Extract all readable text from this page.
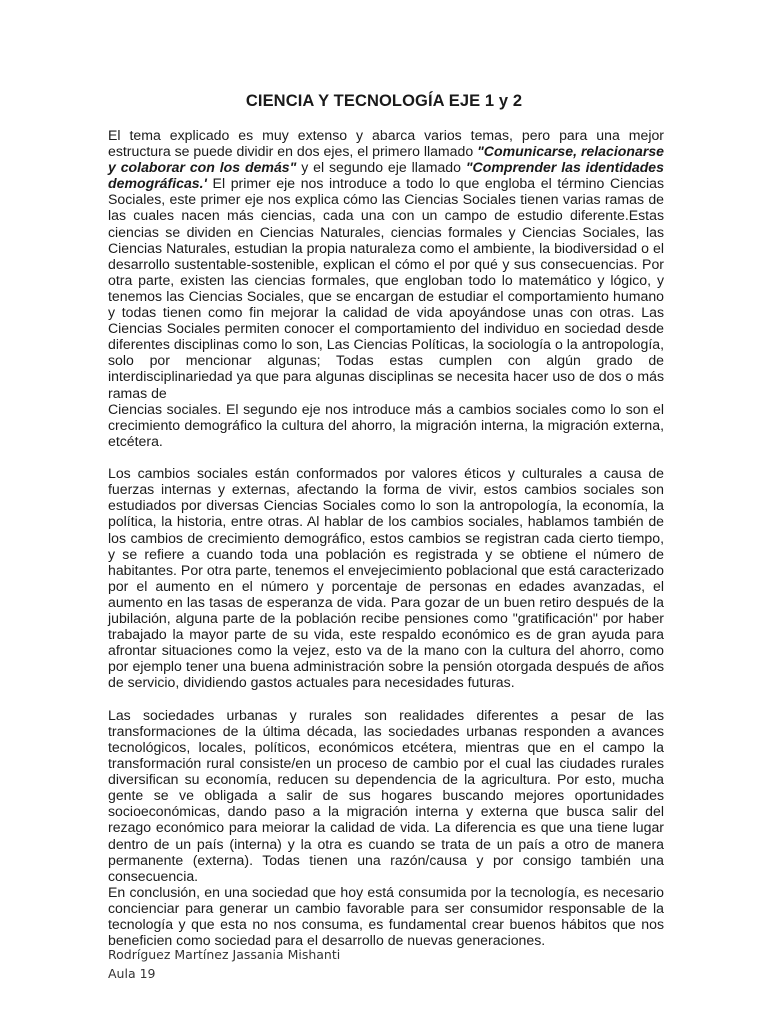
CIENCIA Y TECNOLOGÍA EJE 1 y 2

El tema explicado es muy extenso y abarca varios temas, pero para una mejor estructura se puede dividir en dos ejes, el primero llamado "Comunicarse, relacionarse y colaborar con los demás" y el segundo eje llamado "Comprender las identidades demográficas.' El primer eje nos introduce a todo lo que engloba el término Ciencias Sociales, este primer eje nos explica cómo las Ciencias Sociales tienen varias ramas de las cuales nacen más ciencias, cada una con un campo de estudio diferente.Estas ciencias se dividen en Ciencias Naturales, ciencias formales y Ciencias Sociales, las Ciencias Naturales, estudian la propia naturaleza como el ambiente, la biodiversidad o el desarrollo sustentable-sostenible, explican el cómo el por qué y sus consecuencias. Por otra parte, existen las ciencias formales, que engloban todo lo matemático y lógico, y tenemos las Ciencias Sociales, que se encargan de estudiar el comportamiento humano y todas tienen como fin mejorar la calidad de vida apoyándose unas con otras. Las Ciencias Sociales permiten conocer el comportamiento del individuo en sociedad desde diferentes disciplinas como lo son, Las Ciencias Políticas, la sociología o la antropología, solo por mencionar algunas; Todas estas cumplen con algún grado de interdisciplinariedad ya que para algunas disciplinas se necesita hacer uso de dos o más ramas de

Ciencias sociales. El segundo eje nos introduce más a cambios sociales como lo son el crecimiento demográfico la cultura del ahorro, la migración interna, la migración externa, etcétera.

Los cambios sociales están conformados por valores éticos y culturales a causa de fuerzas internas y externas, afectando la forma de vivir, estos cambios sociales son estudiados por diversas Ciencias Sociales como lo son la antropología, la economía, la política, la historia, entre otras. Al hablar de los cambios sociales, hablamos también de los cambios de crecimiento demográfico, estos cambios se registran cada cierto tiempo, y se refiere a cuando toda una población es registrada y se obtiene el número de habitantes. Por otra parte, tenemos el envejecimiento poblacional que está caracterizado por el aumento en el número y porcentaje de personas en edades avanzadas, el aumento en las tasas de esperanza de vida. Para gozar de un buen retiro después de la jubilación, alguna parte de la población recibe pensiones como "gratificación" por haber trabajado la mayor parte de su vida, este respaldo económico es de gran ayuda para afrontar situaciones como la vejez, esto va de la mano con la cultura del ahorro, como por ejemplo tener una buena administración sobre la pensión otorgada después de años de servicio, dividiendo gastos actuales para necesidades futuras.

Las sociedades urbanas y rurales son realidades diferentes a pesar de las transformaciones de la última década, las sociedades urbanas responden a avances tecnológicos, locales, políticos, económicos etcétera, mientras que en el campo la transformación rural consiste/en un proceso de cambio por el cual las ciudades rurales diversifican su economía, reducen su dependencia de la agricultura. Por esto, mucha gente se ve obligada a salir de sus hogares buscando mejores oportunidades socioeconómicas, dando paso a la migración interna y externa que busca salir del rezago económico para meiorar la calidad de vida. La diferencia es que una tiene lugar dentro de un país (interna) y la otra es cuando se trata de un país a otro de manera permanente (externa). Todas tienen una razón/causa y por consigo también una consecuencia.

En conclusión, en una sociedad que hoy está consumida por la tecnología, es necesario concienciar para generar un cambio favorable para ser consumidor responsable de la tecnología y que esta no nos consuma, es fundamental crear buenos hábitos que nos beneficien como sociedad para el desarrollo de nuevas generaciones.

Rodríguez Martínez Jassania Mishanti
Aula 19
